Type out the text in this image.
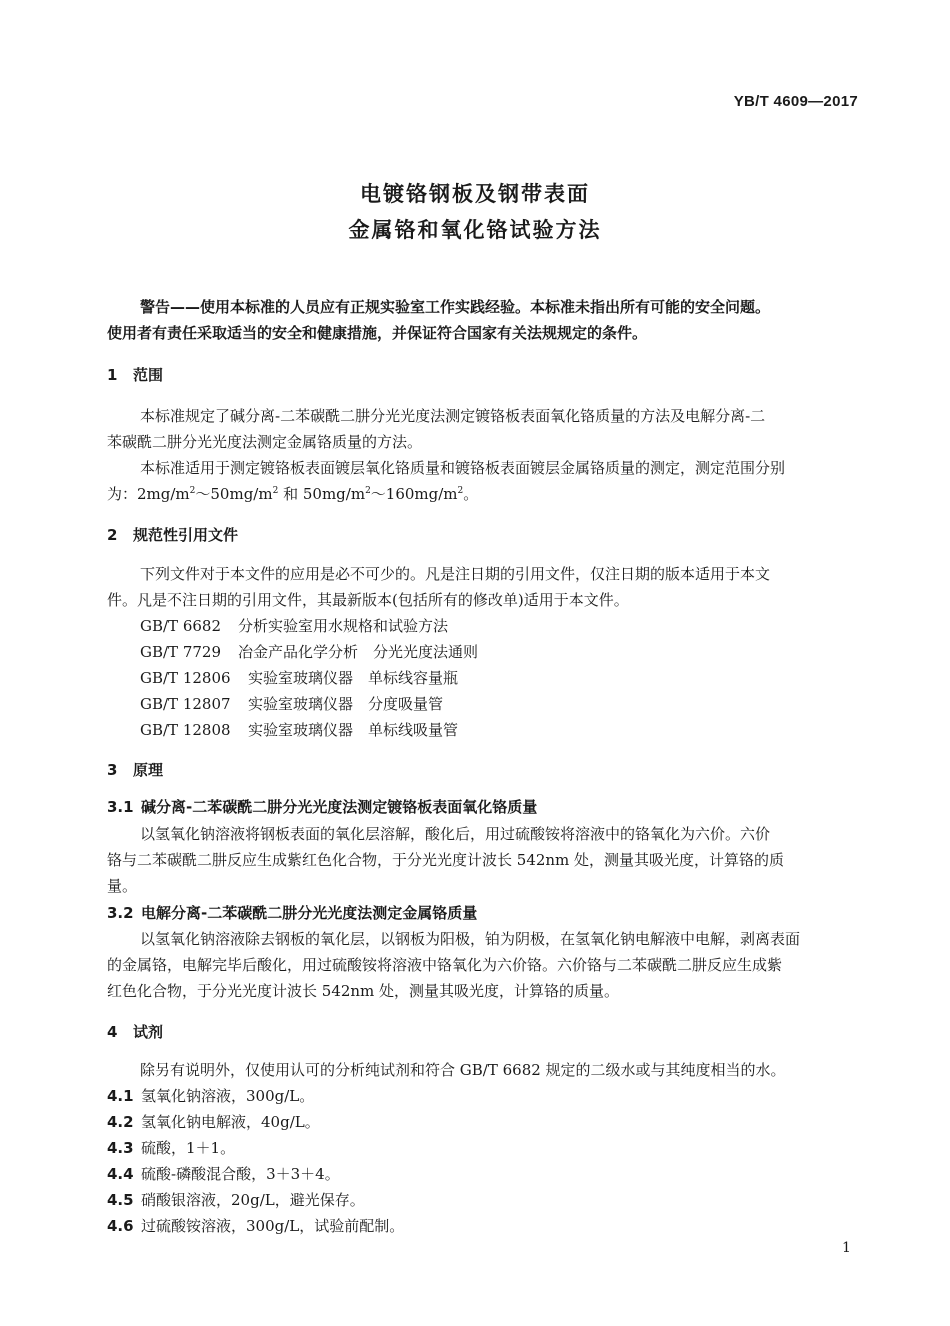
YB/T 4609—2017
电镀铬钢板及钢带表面
金属铬和氧化铬试验方法
警告——使用本标准的人员应有正规实验室工作实践经验。本标准未指出所有可能的安全问题。
使用者有责任采取适当的安全和健康措施，并保证符合国家有关法规规定的条件。
1 范围
本标准规定了碱分离-二苯碳酰二肼分光光度法测定镀铬板表面氧化铬质量的方法及电解分离-二
苯碳酰二肼分光光度法测定金属铬质量的方法。
本标准适用于测定镀铬板表面镀层氧化铬质量和镀铬板表面镀层金属铬质量的测定，测定范围分别
为：$2mg/m^2\sim 50mg/m^2$ 和 $50mg/m^2\sim 160mg/m^2$。
2 规范性引用文件
下列文件对于本文件的应用是必不可少的。凡是注日期的引用文件，仅注日期的版本适用于本文
件。凡是不注日期的引用文件，其最新版本(包括所有的修改单)适用于本文件。
GB/T 6682 分析实验室用水规格和试验方法
GB/T 7729 冶金产品化学分析　分光光度法通则
GB/T 12806 实验室玻璃仪器　单标线容量瓶
GB/T 12807 实验室玻璃仪器　分度吸量管
GB/T 12808 实验室玻璃仪器　单标线吸量管
3 原理
3.1 碱分离-二苯碳酰二肼分光光度法测定镀铬板表面氧化铬质量
以氢氧化钠溶液将钢板表面的氧化层溶解，酸化后，用过硫酸铵将溶液中的铬氧化为六价。六价
铬与二苯碳酰二肼反应生成紫红色化合物，于分光光度计波长 542nm 处，测量其吸光度，计算铬的质
量。
3.2 电解分离-二苯碳酰二肼分光光度法测定金属铬质量
以氢氧化钠溶液除去钢板的氧化层，以钢板为阳极，铂为阴极，在氢氧化钠电解液中电解，剥离表面
的金属铬，电解完毕后酸化，用过硫酸铵将溶液中铬氧化为六价铬。六价铬与二苯碳酰二肼反应生成紫
红色化合物，于分光光度计波长 542nm 处，测量其吸光度，计算铬的质量。
4 试剂
除另有说明外，仅使用认可的分析纯试剂和符合 GB/T 6682 规定的二级水或与其纯度相当的水。
4.1 氢氧化钠溶液，300g/L。
4.2 氢氧化钠电解液，40g/L。
4.3 硫酸，1＋1。
4.4 硫酸-磷酸混合酸，3＋3＋4。
4.5 硝酸银溶液，20g/L，避光保存。
4.6 过硫酸铵溶液，300g/L，试验前配制。
1
